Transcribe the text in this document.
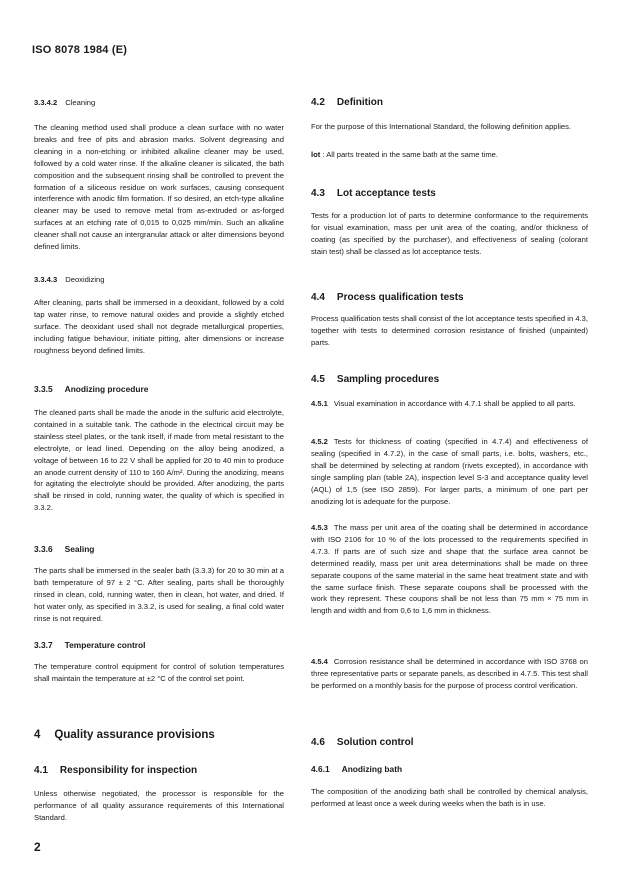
ISO 8078 1984 (E)
3.3.4.2 Cleaning

The cleaning method used shall produce a clean surface with no water breaks and free of pits and abrasion marks. Solvent degreasing and cleaning in a non-etching or inhibited alkaline cleaner may be used, followed by a cold water rinse. If the alkaline cleaner is silicated, the bath composition and the subsequent rinsing shall be controlled to prevent the formation of a siliceous residue on work surfaces, causing consequent interference with anodic film formation. If so desired, an etch-type alkaline cleaner may be used to remove metal from as-extruded or as-forged surfaces at an etching rate of 0,015 to 0,025 mm/min. Such an alkaline cleaner shall not cause an intergranular attack or alter dimensions beyond defined limits.

3.3.4.3 Deoxidizing

After cleaning, parts shall be immersed in a deoxidant, followed by a cold tap water rinse, to remove natural oxides and provide a slightly etched surface. The deoxidant used shall not degrade metallurgical properties, including fatigue behaviour, initiate pitting, alter dimensions or increase roughness beyond defined limits.

3.3.5 Anodizing procedure

The cleaned parts shall be made the anode in the sulfuric acid electrolyte, contained in a suitable tank. The cathode in the electrical circuit may be stainless steel plates, or the tank itself, if made from metal resistant to the electrolyte, or lead lined. Depending on the alloy being anodized, a voltage of between 16 to 22 V shall be applied for 20 to 40 min to produce an anode current density of 110 to 160 A/m². During the anodizing, means for agitating the electrolyte should be provided. After anodizing, the parts shall be rinsed in cold, running water, the quality of which is specified in 3.3.2.

3.3.6 Sealing

The parts shall be immersed in the sealer bath (3.3.3) for 20 to 30 min at a bath temperature of 97 ± 2 °C. After sealing, parts shall be thoroughly rinsed in clean, cold, running water, then in clean, hot water, and dried. If hot water only, as specified in 3.3.2, is used for sealing, a final cold water rinse is not required.

3.3.7 Temperature control

The temperature control equipment for control of solution temperatures shall maintain the temperature at ±2 °C of the control set point.

4 Quality assurance provisions
4.1 Responsibility for inspection

Unless otherwise negotiated, the processor is responsible for the performance of all quality assurance requirements of this International Standard.

4.2 Definition

For the purpose of this International Standard, the following definition applies.

lot : All parts treated in the same bath at the same time.

4.3 Lot acceptance tests

Tests for a production lot of parts to determine conformance to the requirements for visual examination, mass per unit area of the coating, and/or thickness of coating (as specified by the purchaser), and effectiveness of sealing (colorant stain test) shall be classed as lot acceptance tests.

4.4 Process qualification tests

Process qualification tests shall consist of the lot acceptance tests specified in 4.3, together with tests to determined corrosion resistance of finished (unpainted) parts.

4.5 Sampling procedures

4.5.1 Visual examination in accordance with 4.7.1 shall be applied to all parts.

4.5.2 Tests for thickness of coating (specified in 4.7.4) and effectiveness of sealing (specified in 4.7.2), in the case of small parts, i.e. bolts, washers, etc., shall be determined by selecting at random (rivets excepted), in accordance with single sampling plan (table 2A), inspection level S-3 and acceptance quality level (AQL) of 1,5 (see ISO 2859). For larger parts, a minimum of one part per anodizing lot is adequate for the purpose.

4.5.3 The mass per unit area of the coating shall be determined in accordance with ISO 2106 for 10 % of the lots processed to the requirements specified in 4.7.3. If parts are of such size and shape that the surface area cannot be determined readily, mass per unit area determinations shall be made on three separate coupons of the same material in the same heat treatment state and with the same surface finish. These separate coupons shall be processed with the work they represent. These coupons shall be not less than 75 mm × 75 mm in length and width and from 0,6 to 1,6 mm in thickness.

4.5.4 Corrosion resistance shall be determined in accordance with ISO 3768 on three representative parts or separate panels, as described in 4.7.5. This test shall be performed on a monthly basis for the purpose of process control verification.

4.6 Solution control
4.6.1 Anodizing bath

The composition of the anodizing bath shall be controlled by chemical analysis, performed at least once a week during weeks when the bath is in use.

2
